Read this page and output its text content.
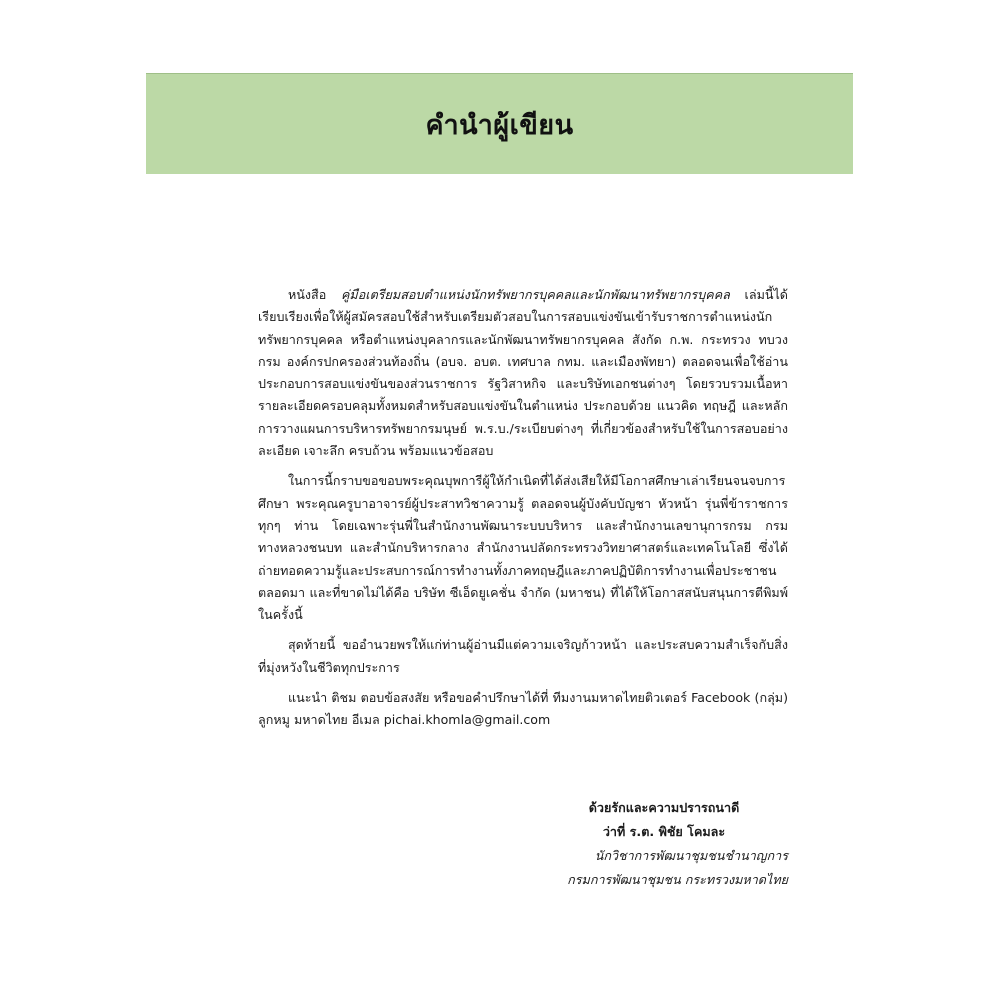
คำนำผู้เขียน

หนังสือ คู่มือเตรียมสอบตำแหน่งนักทรัพยากรบุคคลและนักพัฒนาทรัพยากรบุคคล เล่มนี้ได้เรียบเรียงเพื่อให้ผู้สมัครสอบใช้สำหรับเตรียมตัวสอบในการสอบแข่งขันเข้ารับราชการตำแหน่งนักทรัพยากรบุคคล หรือตำแหน่งบุคลากรและนักพัฒนาทรัพยากรบุคคล สังกัด ก.พ. กระทรวง ทบวง กรม องค์กรปกครองส่วนท้องถิ่น (อบจ. อบต. เทศบาล กทม. และเมืองพัทยา) ตลอดจนเพื่อใช้อ่านประกอบการสอบแข่งขันของส่วนราชการ รัฐวิสาหกิจ และบริษัทเอกชนต่างๆ โดยรวบรวมเนื้อหารายละเอียดครอบคลุมทั้งหมดสำหรับสอบแข่งขันในตำแหน่ง ประกอบด้วย แนวคิด ทฤษฎี และหลักการวางแผนการบริหารทรัพยากรมนุษย์ พ.ร.บ./ระเบียบต่างๆ ที่เกี่ยวข้องสำหรับใช้ในการสอบอย่างละเอียด เจาะลึก ครบถ้วน พร้อมแนวข้อสอบ

ในการนี้กราบขอขอบพระคุณบุพการีผู้ให้กำเนิดที่ได้ส่งเสียให้มีโอกาสศึกษาเล่าเรียนจนจบการศึกษา พระคุณครูบาอาจารย์ผู้ประสาทวิชาความรู้ ตลอดจนผู้บังคับบัญชา หัวหน้า รุ่นพี่ข้าราชการทุกๆ ท่าน โดยเฉพาะรุ่นพี่ในสำนักงานพัฒนาระบบบริหาร และสำนักงานเลขานุการกรม กรมทางหลวงชนบท และสำนักบริหารกลาง สำนักงานปลัดกระทรวงวิทยาศาสตร์และเทคโนโลยี ซึ่งได้ถ่ายทอดความรู้และประสบการณ์การทำงานทั้งภาคทฤษฎีและภาคปฏิบัติการทำงานเพื่อประชาชนตลอดมา และที่ขาดไม่ได้คือ บริษัท ซีเอ็ดยูเคชั่น จำกัด (มหาชน) ที่ได้ให้โอกาสสนับสนุนการตีพิมพ์ในครั้งนี้

สุดท้ายนี้ ขออำนวยพรให้แก่ท่านผู้อ่านมีแต่ความเจริญก้าวหน้า และประสบความสำเร็จกับสิ่งที่มุ่งหวังในชีวิตทุกประการ

แนะนำ ติชม ตอบข้อสงสัย หรือขอคำปรึกษาได้ที่ ทีมงานมหาดไทยติวเตอร์ Facebook (กลุ่ม) ลูกหมู มหาดไทย อีเมล pichai.khomla@gmail.com

ด้วยรักและความปรารถนาดี
ว่าที่ ร.ต. พิชัย โคมละ
นักวิชาการพัฒนาชุมชนชำนาญการ
กรมการพัฒนาชุมชน กระทรวงมหาดไทย
